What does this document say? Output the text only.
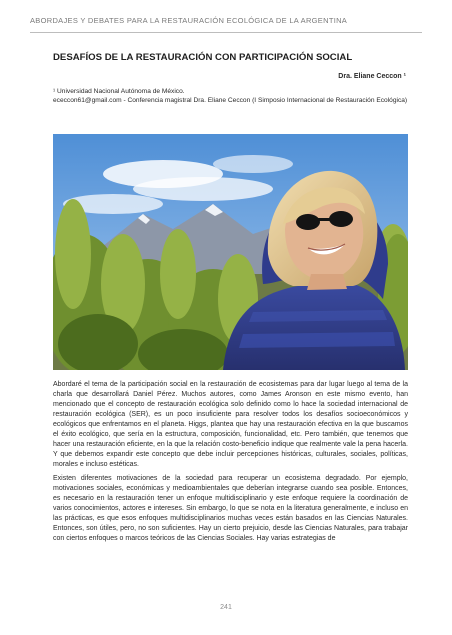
ABORDAJES Y DEBATES PARA LA RESTAURACIÓN ECOLÓGICA DE LA ARGENTINA
DESAFÍOS DE LA RESTAURACIÓN CON PARTICIPACIÓN SOCIAL
Dra. Eliane Ceccon ¹

¹ Universidad Nacional Autónoma de México.

ececcon61@gmail.com - Conferencia magistral Dra. Eliane Ceccon (I Simposio Internacional de Restauración Ecológica)

Abordaré el tema de la participación social en la restauración de ecosistemas para dar lugar luego al tema de la charla que desarrollará Daniel Pérez. Muchos autores, como James Aronson en este mismo evento, han mencionado que el concepto de restauración ecológica solo definido como lo hace la sociedad internacional de restauración ecológica (SER), es un poco insuficiente para resolver todos los desafíos socioeconómicos y ecológicos que enfrentamos en el planeta. Higgs, plantea que hay una restauración efectiva en la que buscamos el éxito ecológico, que sería en la estructura, composición, funcionalidad, etc. Pero también, que tenemos que hacer una restauración eficiente, en la que la relación costo-beneficio indique que realmente vale la pena hacerla. Y que debemos expandir este concepto que debe incluir percepciones históricas, culturales, sociales, políticas, morales e incluso estéticas.

Existen diferentes motivaciones de la sociedad para recuperar un ecosistema degradado. Por ejemplo, motivaciones sociales, económicas y medioambientales que deberían integrarse cuando sea posible. Entonces, es necesario en la restauración tener un enfoque multidisciplinario y este enfoque requiere la coordinación de varios conocimientos, actores e intereses. Sin embargo, lo que se nota en la literatura generalmente, e incluso en las prácticas, es que esos enfoques multidisciplinarios muchas veces están basados en las Ciencias Naturales. Entonces, son útiles, pero, no son suficientes. Hay un cierto prejuicio, desde las Ciencias Naturales, para trabajar con ciertos enfoques o marcos teóricos de las Ciencias Sociales. Hay varias estrategias de

241
